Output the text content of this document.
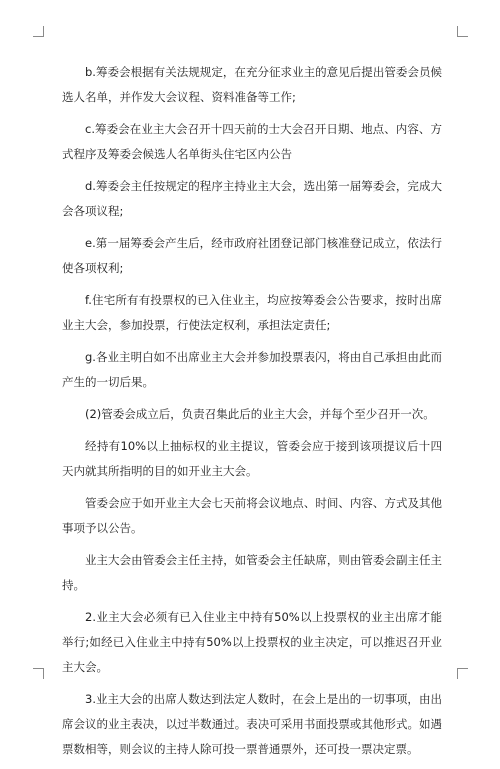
b.筹委会根据有关法规规定，在充分征求业主的意见后提出管委会员候选人名单，并作发大会议程、资料准备等工作;

c.筹委会在业主大会召开十四天前的士大会召开日期、地点、内容、方式程序及筹委会候选人名单街头住宅区内公告

d.筹委会主任按规定的程序主持业主大会，选出第一届筹委会，完成大会各项议程;

e.第一届筹委会产生后，经市政府社团登记部门核准登记成立，依法行使各项权利;

f.住宅所有有投票权的已入住业主，均应按筹委会公告要求，按时出席业主大会，参加投票，行使法定权利，承担法定责任;

g.各业主明白如不出席业主大会并参加投票表闪，将由自己承担由此而产生的一切后果。

(2)管委会成立后，负责召集此后的业主大会，并每个至少召开一次。

经持有10%以上抽标权的业主提议，管委会应于接到该项提议后十四天内就其所指明的目的如开业主大会。

管委会应于如开业主大会七天前将会议地点、时间、内容、方式及其他事项予以公告。

业主大会由管委会主任主持，如管委会主任缺席，则由管委会副主任主持。

2.业主大会必须有已入住业主中持有50%以上投票权的业主出席才能举行;如经已入住业主中持有50%以上投票权的业主决定，可以推迟召开业主大会。

3.业主大会的出席人数达到法定人数时，在会上是出的一切事项，由出席会议的业主表决，以过半数通过。表决可采用书面投票或其他形式。如遇票数相等，则会议的主持人除可投一票普通票外，还可投一票决定票。
